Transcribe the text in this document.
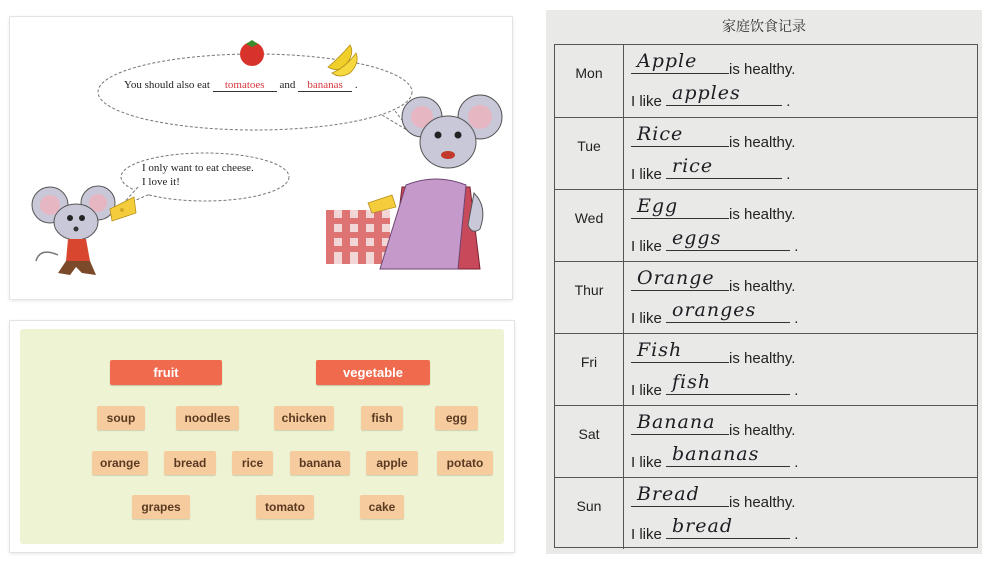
You should also eat tomatoes and bananas .
I only want to eat cheese.
I love it!
fruit	vegetable
soup	noodles	chicken	fish	egg
orange	bread	rice	banana	apple	potato
grapes	tomato	cake
家庭饮食记录
Mon
Apple is healthy.
I like apples	.
Tue
Rice	is healthy.
I like rice	.
Wed
Egg	is healthy.
I like eggs	.
Thur
Orange is healthy.
I like oranges	.
Fri
Fish	is healthy.
I like fish	.
Sat
Banana is healthy.
I like bananas .
Sun
Bread is healthy.
I like bread	.
